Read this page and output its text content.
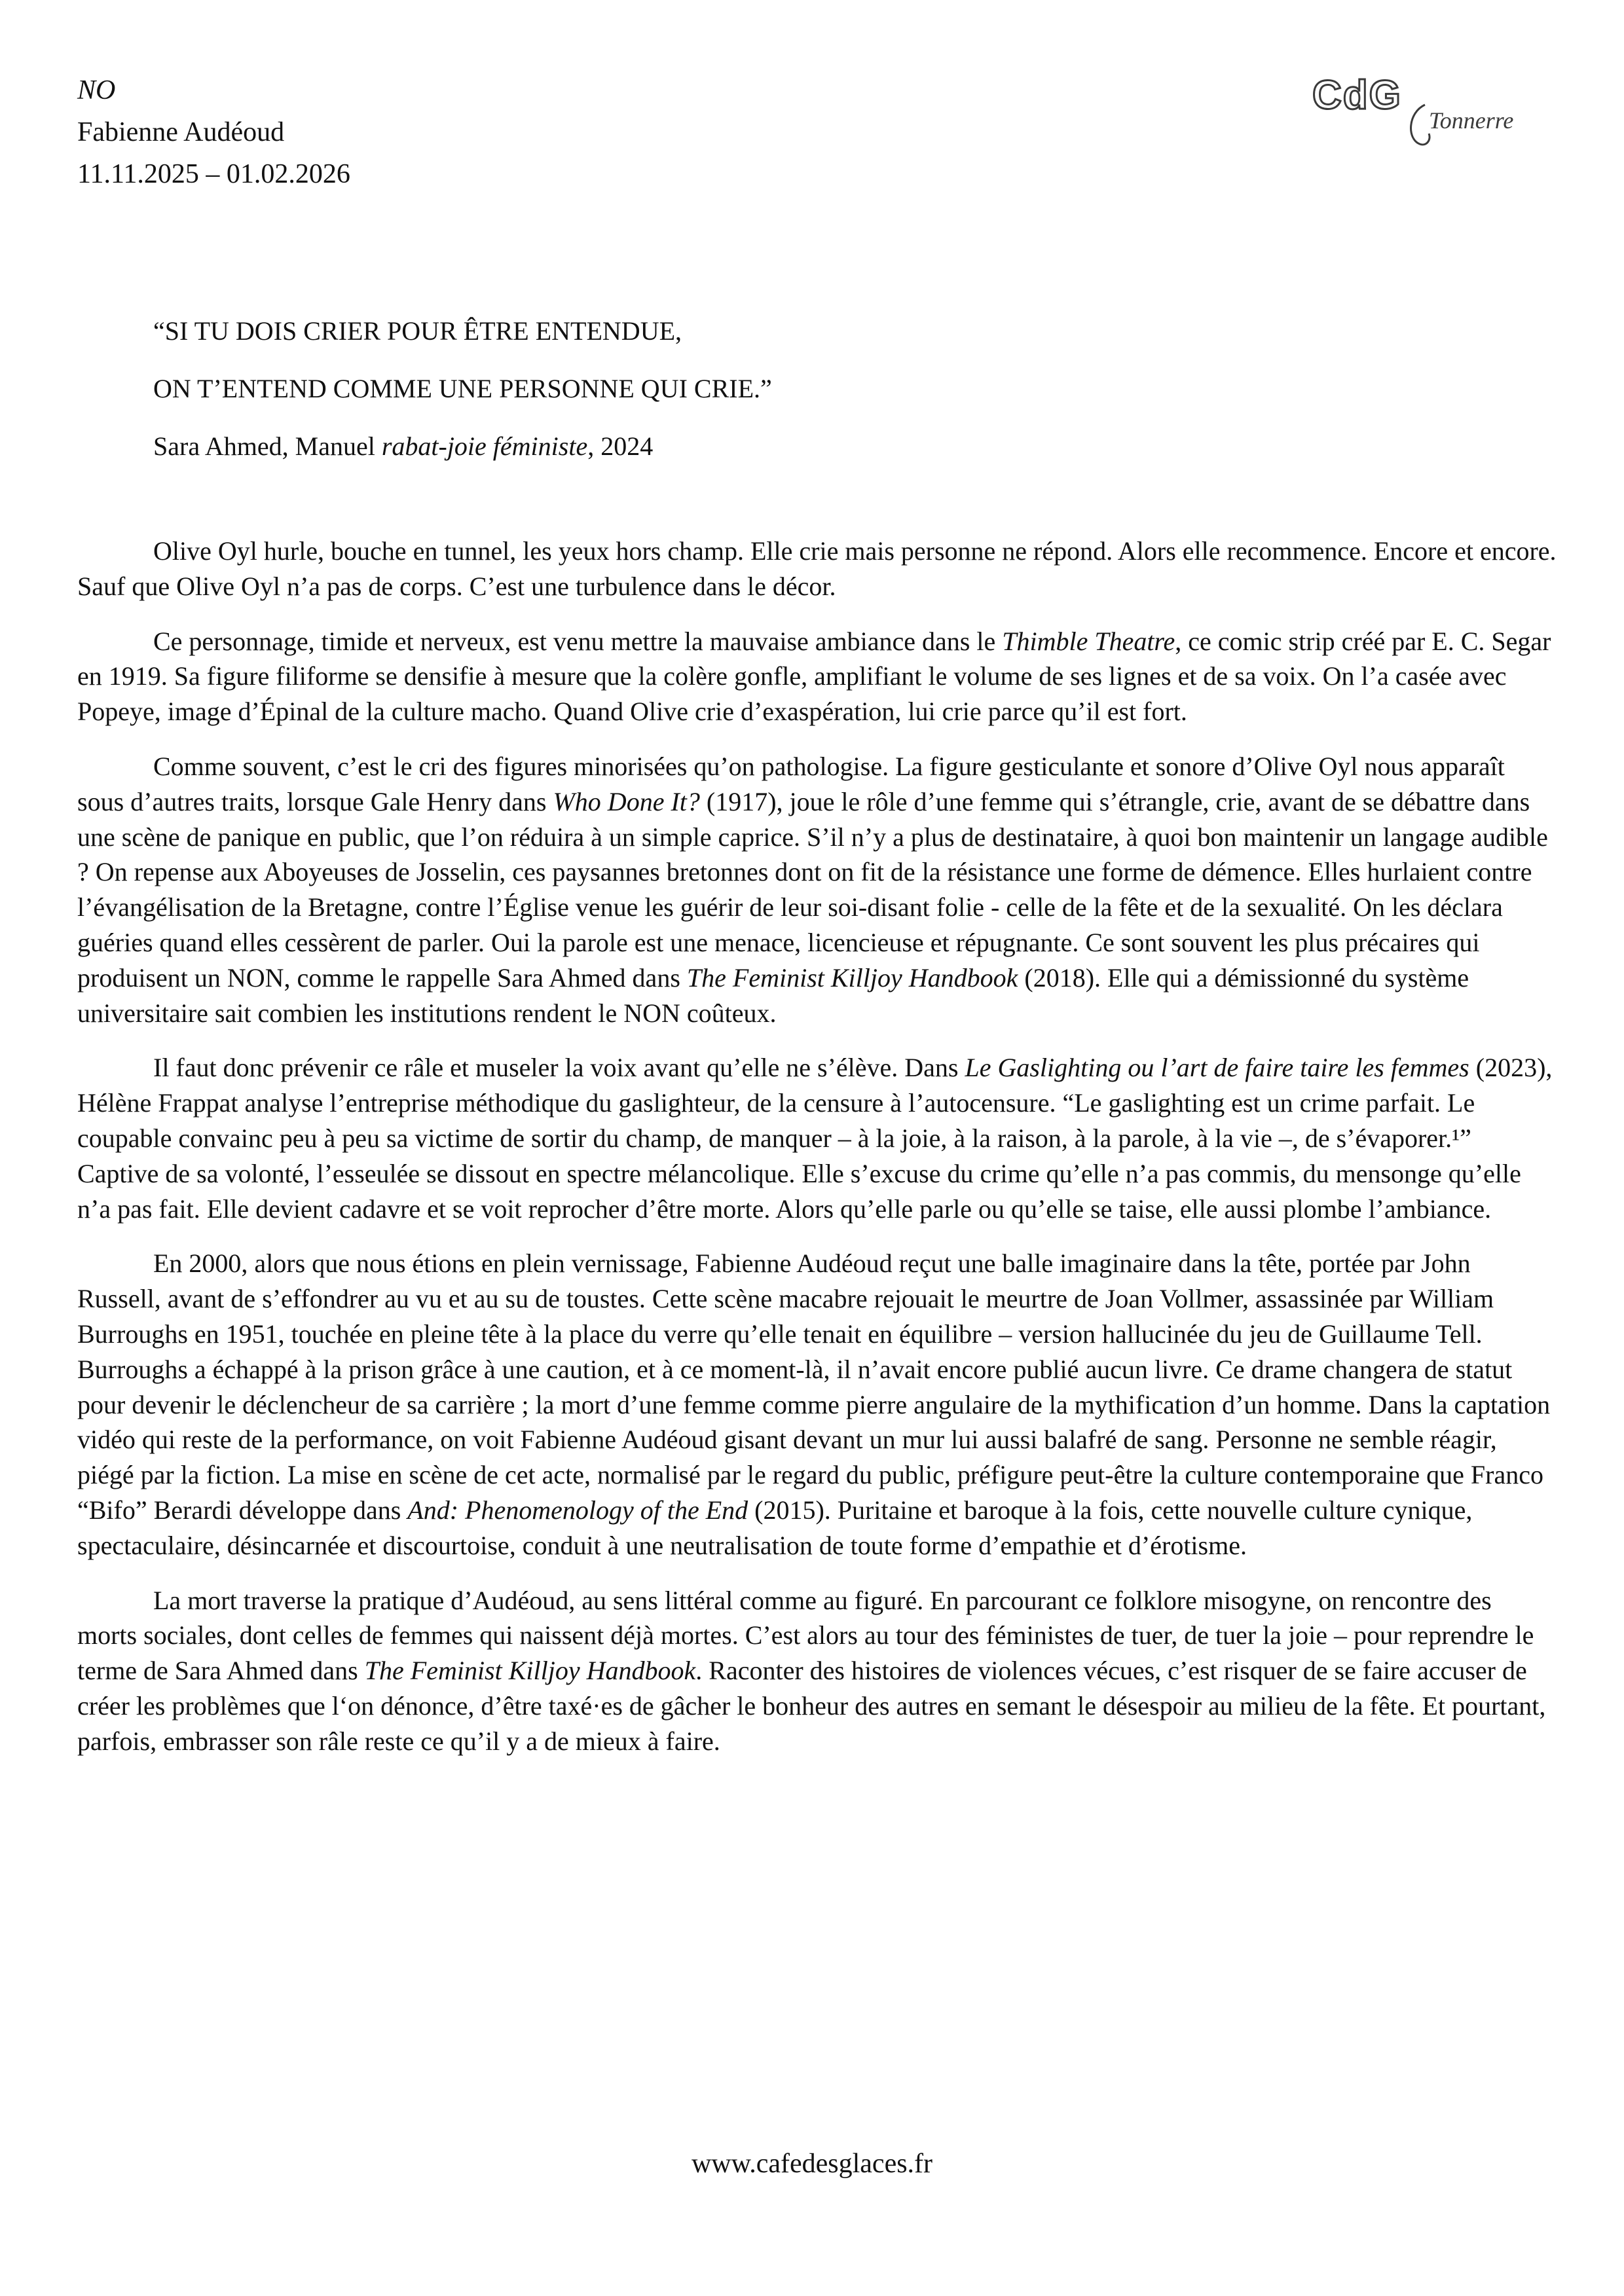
NO
Fabienne Audéoud
11.11.2025 – 01.02.2026
CdG
Tonnerre

“SI TU DOIS CRIER POUR ÊTRE ENTENDUE,

ON T’ENTEND COMME UNE PERSONNE QUI CRIE.”

Sara Ahmed, Manuel rabat-joie féministe, 2024

Olive Oyl hurle, bouche en tunnel, les yeux hors champ. Elle crie mais personne ne répond. Alors elle recommence. Encore et encore. Sauf que Olive Oyl n’a pas de corps. C’est une turbulence dans le décor.

Ce personnage, timide et nerveux, est venu mettre la mauvaise ambiance dans le Thimble Theatre, ce comic strip créé par E. C. Segar en 1919. Sa figure filiforme se densifie à mesure que la colère gonfle, amplifiant le volume de ses lignes et de sa voix. On l’a casée avec Popeye, image d’Épinal de la culture macho. Quand Olive crie d’exaspération, lui crie parce qu’il est fort.

Comme souvent, c’est le cri des figures minorisées qu’on pathologise. La figure gesticulante et sonore d’Olive Oyl nous apparaît sous d’autres traits, lorsque Gale Henry dans Who Done It? (1917), joue le rôle d’une femme qui s’étrangle, crie, avant de se débattre dans une scène de panique en public, que l’on réduira à un simple caprice. S’il n’y a plus de destinataire, à quoi bon maintenir un langage audible ? On repense aux Aboyeuses de Josselin, ces paysannes bretonnes dont on fit de la résistance une forme de démence. Elles hurlaient contre l’évangélisation de la Bretagne, contre l’Église venue les guérir de leur soi-disant folie - celle de la fête et de la sexualité. On les déclara guéries quand elles cessèrent de parler. Oui la parole est une menace, licencieuse et répugnante. Ce sont souvent les plus précaires qui produisent un NON, comme le rappelle Sara Ahmed dans The Feminist Killjoy Handbook (2018). Elle qui a démissionné du système universitaire sait combien les institutions rendent le NON coûteux.

Il faut donc prévenir ce râle et museler la voix avant qu’elle ne s’élève. Dans Le Gaslighting ou l’art de faire taire les femmes (2023), Hélène Frappat analyse l’entreprise méthodique du gaslighteur, de la censure à l’autocensure. “Le gaslighting est un crime parfait. Le coupable convainc peu à peu sa victime de sortir du champ, de manquer – à la joie, à la raison, à la parole, à la vie –, de s’évaporer.¹” Captive de sa volonté, l’esseulée se dissout en spectre mélancolique. Elle s’excuse du crime qu’elle n’a pas commis, du mensonge qu’elle n’a pas fait. Elle devient cadavre et se voit reprocher d’être morte. Alors qu’elle parle ou qu’elle se taise, elle aussi plombe l’ambiance.

En 2000, alors que nous étions en plein vernissage, Fabienne Audéoud reçut une balle imaginaire dans la tête, portée par John Russell, avant de s’effondrer au vu et au su de toustes. Cette scène macabre rejouait le meurtre de Joan Vollmer, assassinée par William Burroughs en 1951, touchée en pleine tête à la place du verre qu’elle tenait en équilibre – version hallucinée du jeu de Guillaume Tell. Burroughs a échappé à la prison grâce à une caution, et à ce moment-là, il n’avait encore publié aucun livre. Ce drame changera de statut pour devenir le déclencheur de sa carrière ; la mort d’une femme comme pierre angulaire de la mythification d’un homme. Dans la captation vidéo qui reste de la performance, on voit Fabienne Audéoud gisant devant un mur lui aussi balafré de sang. Personne ne semble réagir, piégé par la fiction. La mise en scène de cet acte, normalisé par le regard du public, préfigure peut-être la culture contemporaine que Franco “Bifo” Berardi développe dans And: Phenomenology of the End (2015). Puritaine et baroque à la fois, cette nouvelle culture cynique, spectaculaire, désincarnée et discourtoise, conduit à une neutralisation de toute forme d’empathie et d’érotisme.

La mort traverse la pratique d’Audéoud, au sens littéral comme au figuré. En parcourant ce folklore misogyne, on rencontre des morts sociales, dont celles de femmes qui naissent déjà mortes. C’est alors au tour des féministes de tuer, de tuer la joie – pour reprendre le terme de Sara Ahmed dans The Feminist Killjoy Handbook. Raconter des histoires de violences vécues, c’est risquer de se faire accuser de créer les problèmes que l‘on dénonce, d’être taxé·es de gâcher le bonheur des autres en semant le désespoir au milieu de la fête. Et pourtant, parfois, embrasser son râle reste ce qu’il y a de mieux à faire.

www.cafedesglaces.fr
